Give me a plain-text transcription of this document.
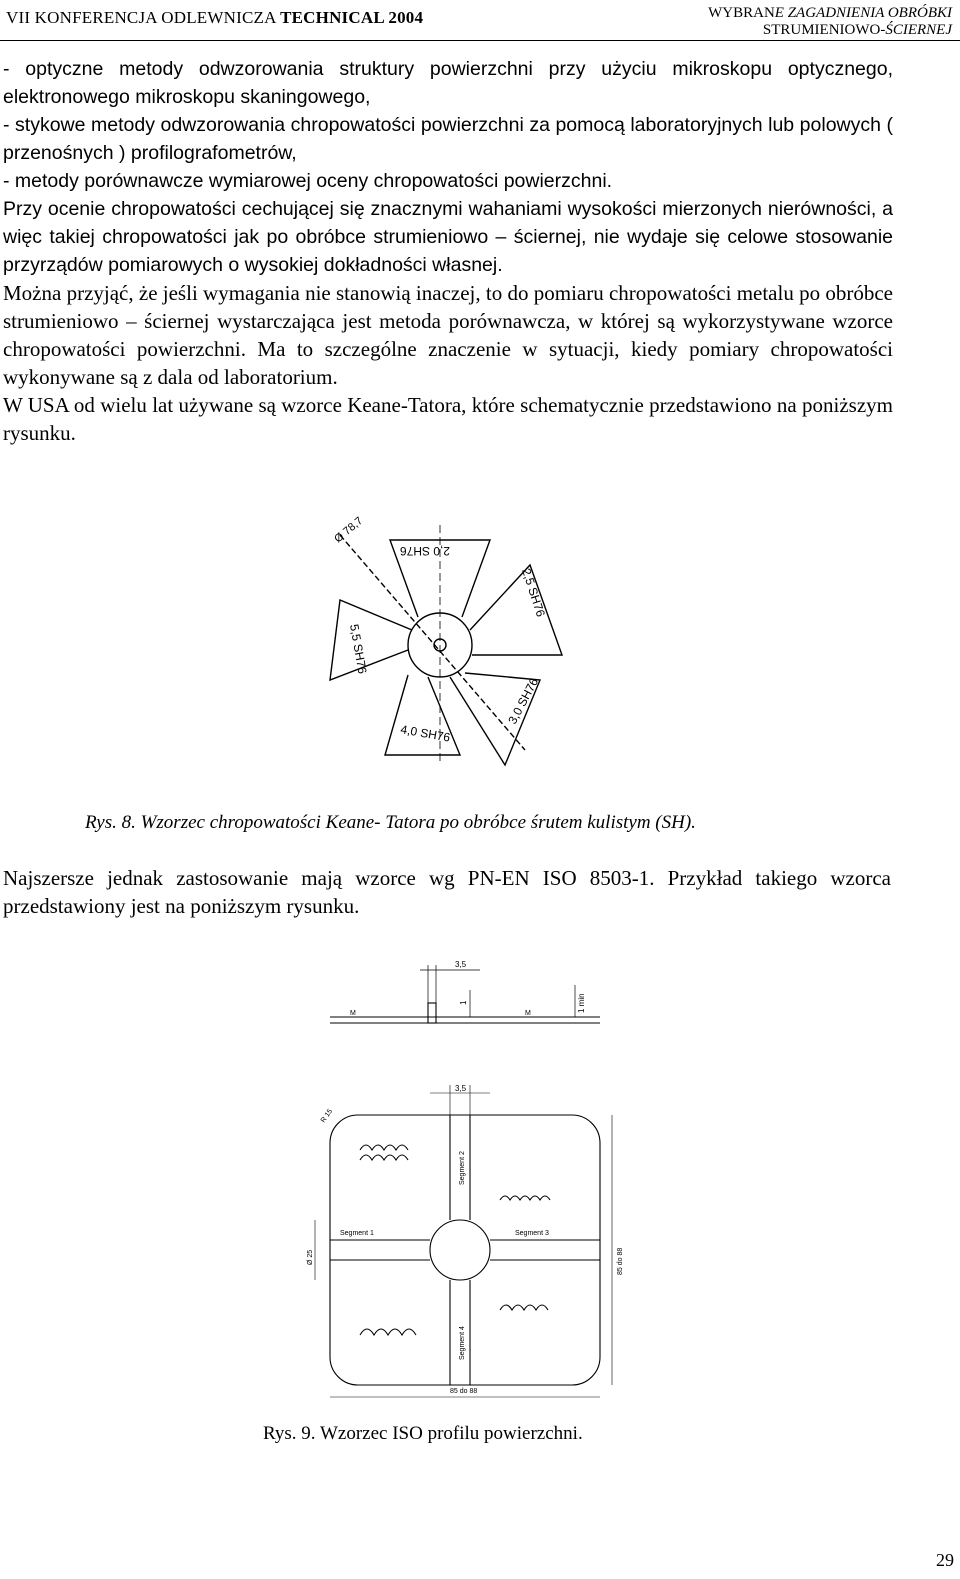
VII KONFERENCJA ODLEWNICZA TECHNICAL 2004	WYBRANE ZAGADNIENIA OBRÓBKI
STRUMIENIOWO-ŚCIERNEJ

- optyczne metody odwzorowania struktury powierzchni przy użyciu mikroskopu optycznego, elektronowego mikroskopu skaningowego,

- stykowe metody odwzorowania chropowatości powierzchni za pomocą laboratoryjnych lub polowych ( przenośnych ) profilografometrów,

- metody porównawcze wymiarowej oceny chropowatości powierzchni.

Przy ocenie chropowatości cechującej się znacznymi wahaniami wysokości mierzonych nierówności, a więc takiej chropowatości jak po obróbce strumieniowo – ściernej, nie wydaje się celowe stosowanie przyrządów pomiarowych o wysokiej dokładności własnej.

Można przyjąć, że jeśli wymagania nie stanowią inaczej, to do pomiaru chropowatości metalu po obróbce strumieniowo – ściernej wystarczająca jest metoda porównawcza, w której są wykorzystywane wzorce chropowatości powierzchni. Ma to szczególne znaczenie w sytuacji, kiedy pomiary chropowatości wykonywane są z dala od laboratorium.

W USA od wielu lat używane są wzorce Keane-Tatora, które schematycznie przedstawiono na poniższym rysunku.

Ø 78,7
2,0 SH76
2,5 SH76
3,0 SH76
4,0 SH76
5,5 SH76
Rys. 8. Wzorzec chropowatości Keane- Tatora po obróbce śrutem kulistym (SH).

Najszersze jednak zastosowanie mają wzorce wg PN-EN ISO 8503-1. Przykład takiego wzorca przedstawiony jest na poniższym rysunku.

3,5
1	1 min
M	M
3,5
R 15
Segment 1
Segment 2
Segment 3
Segment 4
Ø 25	85 do 88
85 do 88
Rys. 9. Wzorzec ISO profilu powierzchni.
29
